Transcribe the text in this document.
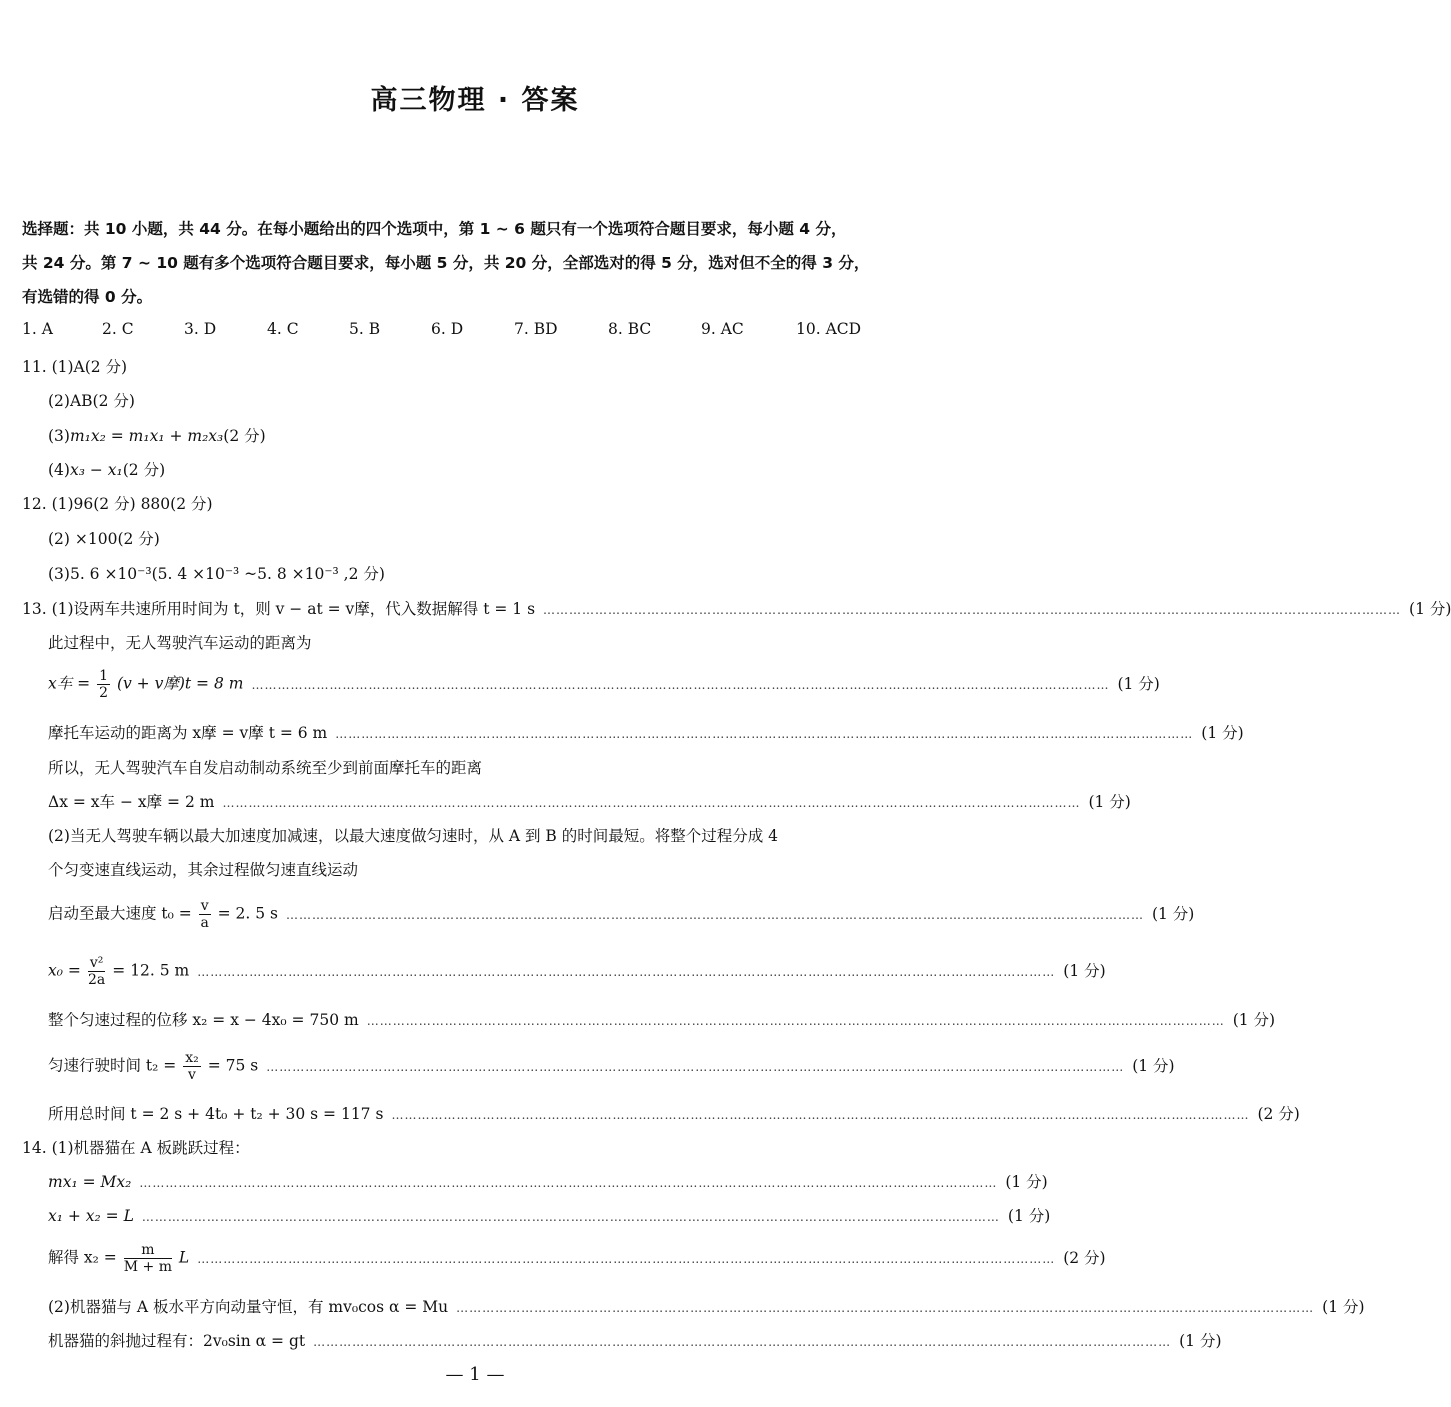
高三物理 · 答案
选择题：共 10 小题，共 44 分。在每小题给出的四个选项中，第 1 ~ 6 题只有一个选项符合题目要求，每小题 4 分，
共 24 分。第 7 ~ 10 题有多个选项符合题目要求，每小题 5 分，共 20 分，全部选对的得 5 分，选对但不全的得 3 分，
有选错的得 0 分。
1. A	2. C	3. D	4. C	5. B	6. D	7. BD	8. BC	9. AC	10. ACD
11. (1)A(2 分)
(2)AB(2 分)
(3)m₁x₂ = m₁x₁ + m₂x₃(2 分)
(4)x₃ − x₁(2 分)
12. (1)96(2 分) 880(2 分)
(2) ×100(2 分)
(3)5. 6 ×10⁻³(5. 4 ×10⁻³ ~5. 8 ×10⁻³ ,2 分)
13. (1)设两车共速所用时间为 t，则 v − at = v摩，代入数据解得 t = 1 s ……………………………………………………………………………………………………………………………………………………………………………… (1 分)
此过程中，无人驾驶汽车运动的距离为
x车 = $\frac{1}{2} (v + v$摩)t = 8 m ……………………………………………………………………………………………………………………………………………………………………………… (1 分)
摩托车运动的距离为 x摩 = v摩 t = 6 m ……………………………………………………………………………………………………………………………………………………………………………… (1 分)
所以，无人驾驶汽车自发启动制动系统至少到前面摩托车的距离
Δx = x车 − x摩 = 2 m ……………………………………………………………………………………………………………………………………………………………………………… (1 分)
(2)当无人驾驶车辆以最大加速度加减速，以最大速度做匀速时，从 A 到 B 的时间最短。将整个过程分成 4
个匀变速直线运动，其余过程做匀速直线运动
启动至最大速度 $t_0 = \frac{v}{a} = 2$. 5 s ……………………………………………………………………………………………………………………………………………………………………………… (1 分)
$x_0 = \frac{\text{v²}}{2a} = 12$. 5 m ……………………………………………………………………………………………………………………………………………………………………………… (1 分)
整个匀速过程的位移 x₂ = x − 4x₀ = 750 m ……………………………………………………………………………………………………………………………………………………………………………… (1 分)
匀速行驶时间 $t_2 = \frac{\text{x₂}}{v} = 75$ s ……………………………………………………………………………………………………………………………………………………………………………… (1 分)
所用总时间 t = 2 s + 4t₀ + t₂ + 30 s = 117 s ……………………………………………………………………………………………………………………………………………………………………………… (2 分)
14. (1)机器猫在 A 板跳跃过程：
mx₁ = Mx₂ ……………………………………………………………………………………………………………………………………………………………………………… (1 分)
x₁ + x₂ = L ……………………………………………………………………………………………………………………………………………………………………………… (1 分)
解得 $x_2 = \frac{m}{M + m}$ L ……………………………………………………………………………………………………………………………………………………………………………… (2 分)
(2)机器猫与 A 板水平方向动量守恒，有 mv₀cos α = Mu ……………………………………………………………………………………………………………………………………………………………………………… (1 分)
机器猫的斜抛过程有：2v₀sin α = gt ……………………………………………………………………………………………………………………………………………………………………………… (1 分)
— 1 —
